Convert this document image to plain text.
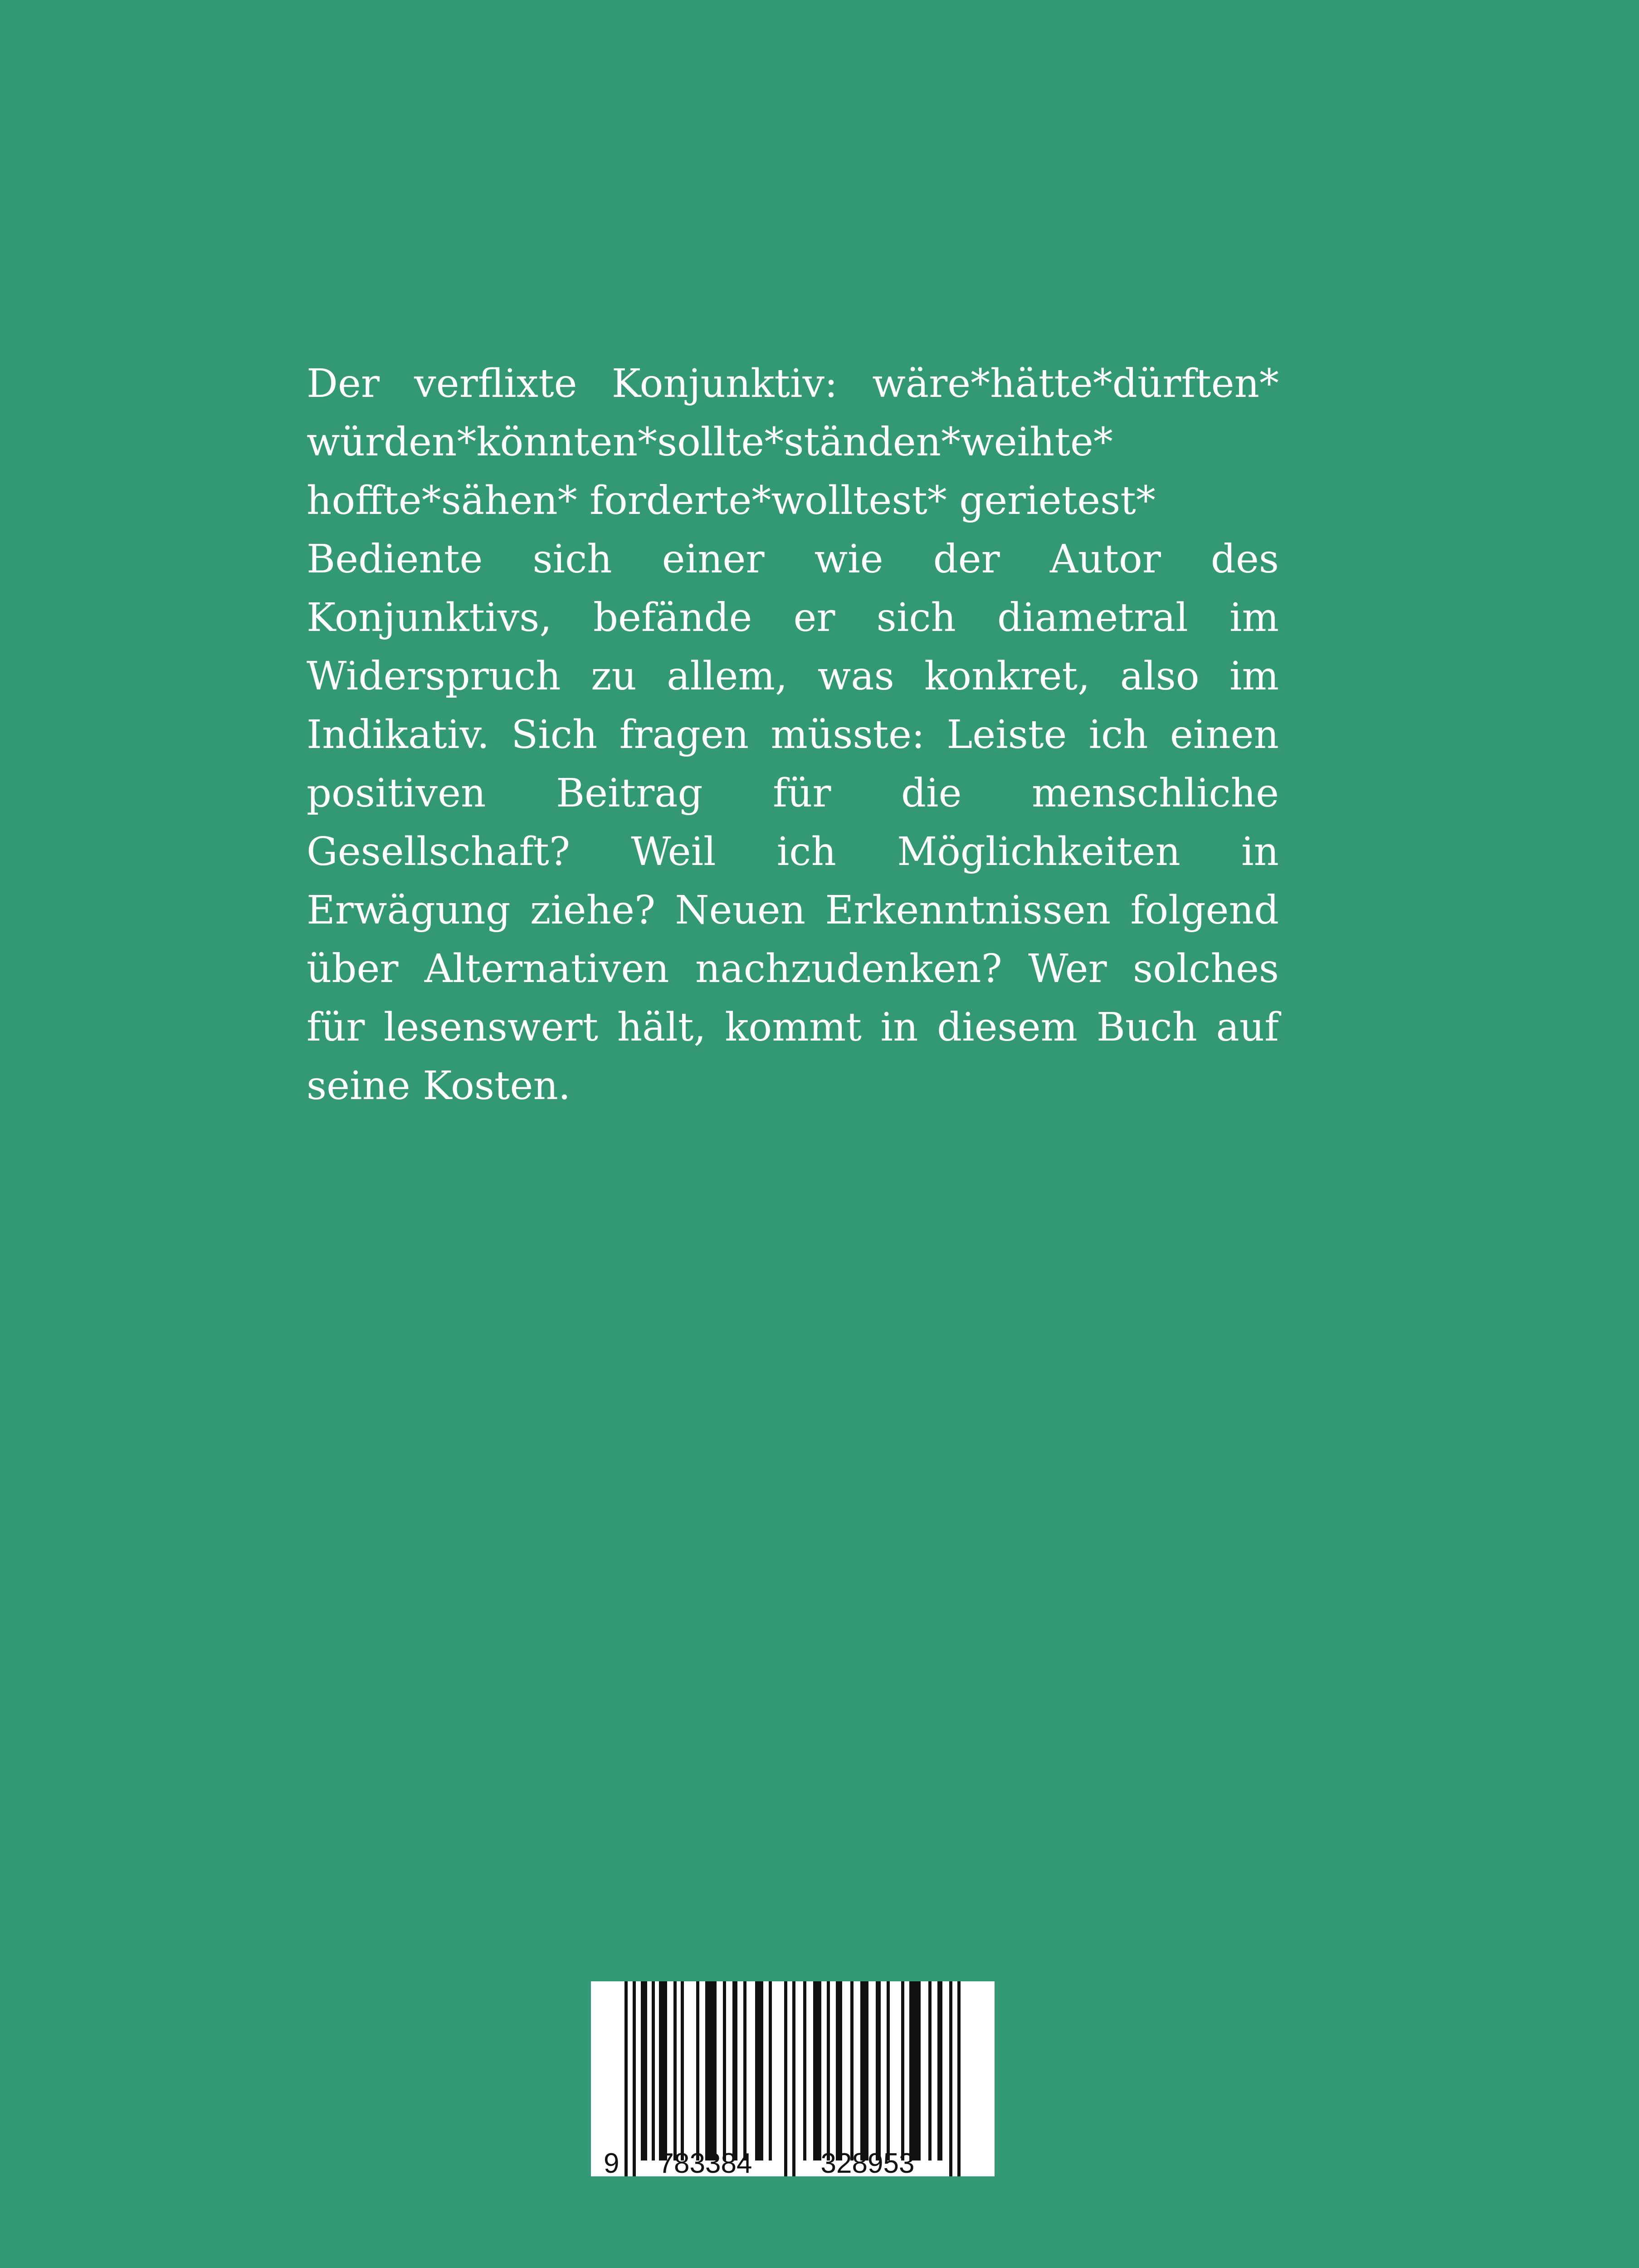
Der verflixte Konjunktiv: wäre*hätte*dürften* würden*könnten*sollte*ständen*weihte* hoffte*sähen* forderte*wolltest* gerietest*

Bediente sich einer wie der Autor des Konjunktivs, befände er sich diametral im Widerspruch zu allem, was konkret, also im Indikativ. Sich fragen müsste: Leiste ich einen positiven Beitrag für die menschliche Gesellschaft? Weil ich Möglichkeiten in Erwägung ziehe? Neuen Erkenntnissen folgend über Alternativen nachzudenken? Wer solches für lesenswert hält, kommt in diesem Buch auf seine Kosten.

9 783384 328953
